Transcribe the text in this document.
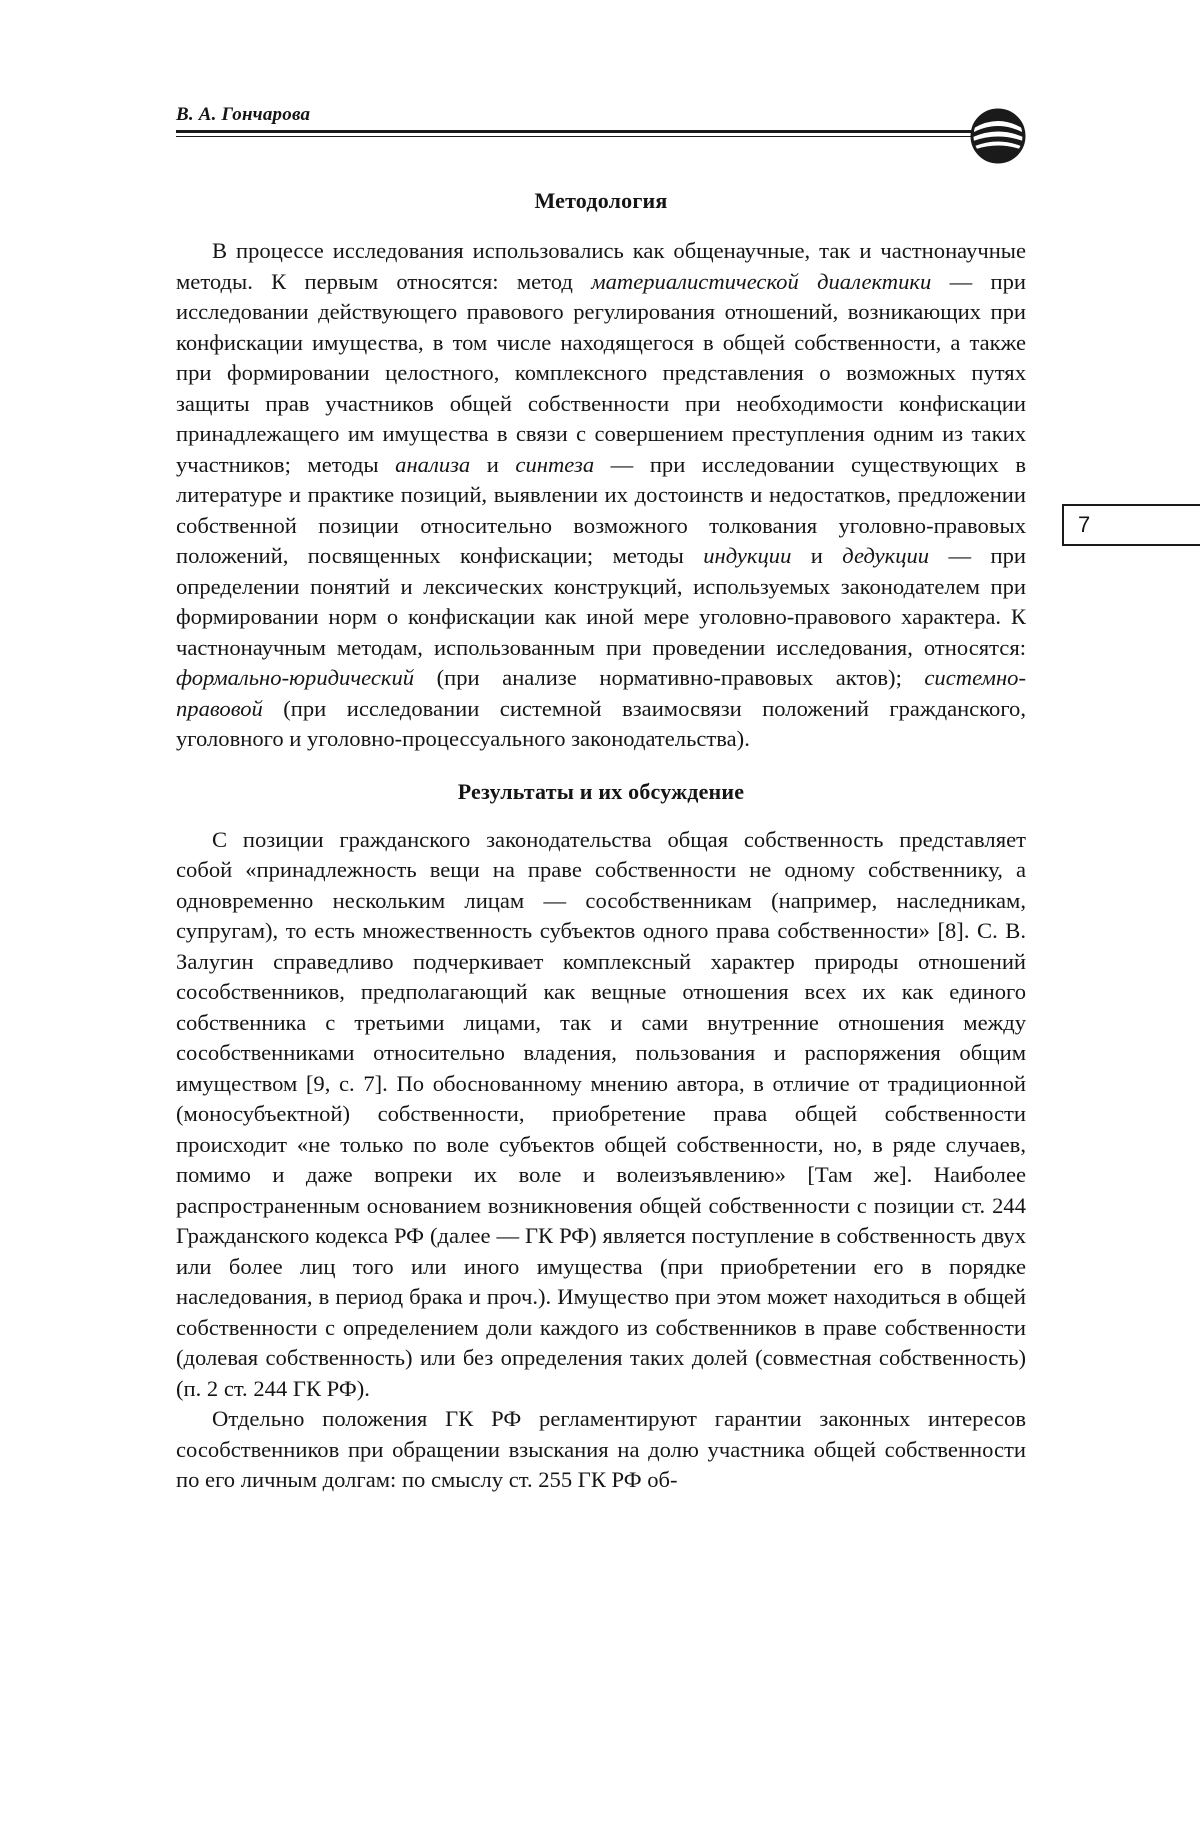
В. А. Гончарова
7
Методология

В процессе исследования использовались как общенаучные, так и частнонаучные методы. К первым относятся: метод материалистической диалектики — при исследовании действующего правового регулирования отношений, возникающих при конфискации имущества, в том числе находящегося в общей собственности, а также при формировании целостного, комплексного представления о возможных путях защиты прав участников общей собственности при необходимости конфискации принадлежащего им имущества в связи с совершением преступления одним из таких участников; методы анализа и синтеза — при исследовании существующих в литературе и практике позиций, выявлении их достоинств и недостатков, предложении собственной позиции относительно возможного толкования уголовно-правовых положений, посвященных конфискации; методы индукции и дедукции — при определении понятий и лексических конструкций, используемых законодателем при формировании норм о конфискации как иной мере уголовно-правового характера. К частнонаучным методам, использованным при проведении исследования, относятся: формально-юридический (при анализе нормативно-правовых актов); системно-правовой (при исследовании системной взаимосвязи положений гражданского, уголовного и уголовно-процессуального законодательства).

Результаты и их обсуждение

С позиции гражданского законодательства общая собственность представляет собой «принадлежность вещи на праве собственности не одному собственнику, а одновременно нескольким лицам — сособственникам (например, наследникам, супругам), то есть множественность субъектов одного права собственности» [8]. С. В. Залугин справедливо подчеркивает комплексный характер природы отношений сособственников, предполагающий как вещные отношения всех их как единого собственника с третьими лицами, так и сами внутренние отношения между сособственниками относительно владения, пользования и распоряжения общим имуществом [9, с. 7]. По обоснованному мнению автора, в отличие от традиционной (моносубъектной) собственности, приобретение права общей собственности происходит «не только по воле субъектов общей собственности, но, в ряде случаев, помимо и даже вопреки их воле и волеизъявлению» [Там же]. Наиболее распространенным основанием возникновения общей собственности с позиции ст. 244 Гражданского кодекса РФ (далее — ГК РФ) является поступление в собственность двух или более лиц того или иного имущества (при приобретении его в порядке наследования, в период брака и проч.). Имущество при этом может находиться в общей собственности с определением доли каждого из собственников в праве собственности (долевая собственность) или без определения таких долей (совместная собственность) (п. 2 ст. 244 ГК РФ).

Отдельно положения ГК РФ регламентируют гарантии законных интересов сособственников при обращении взыскания на долю участника общей собственности по его личным долгам: по смыслу ст. 255 ГК РФ об-
